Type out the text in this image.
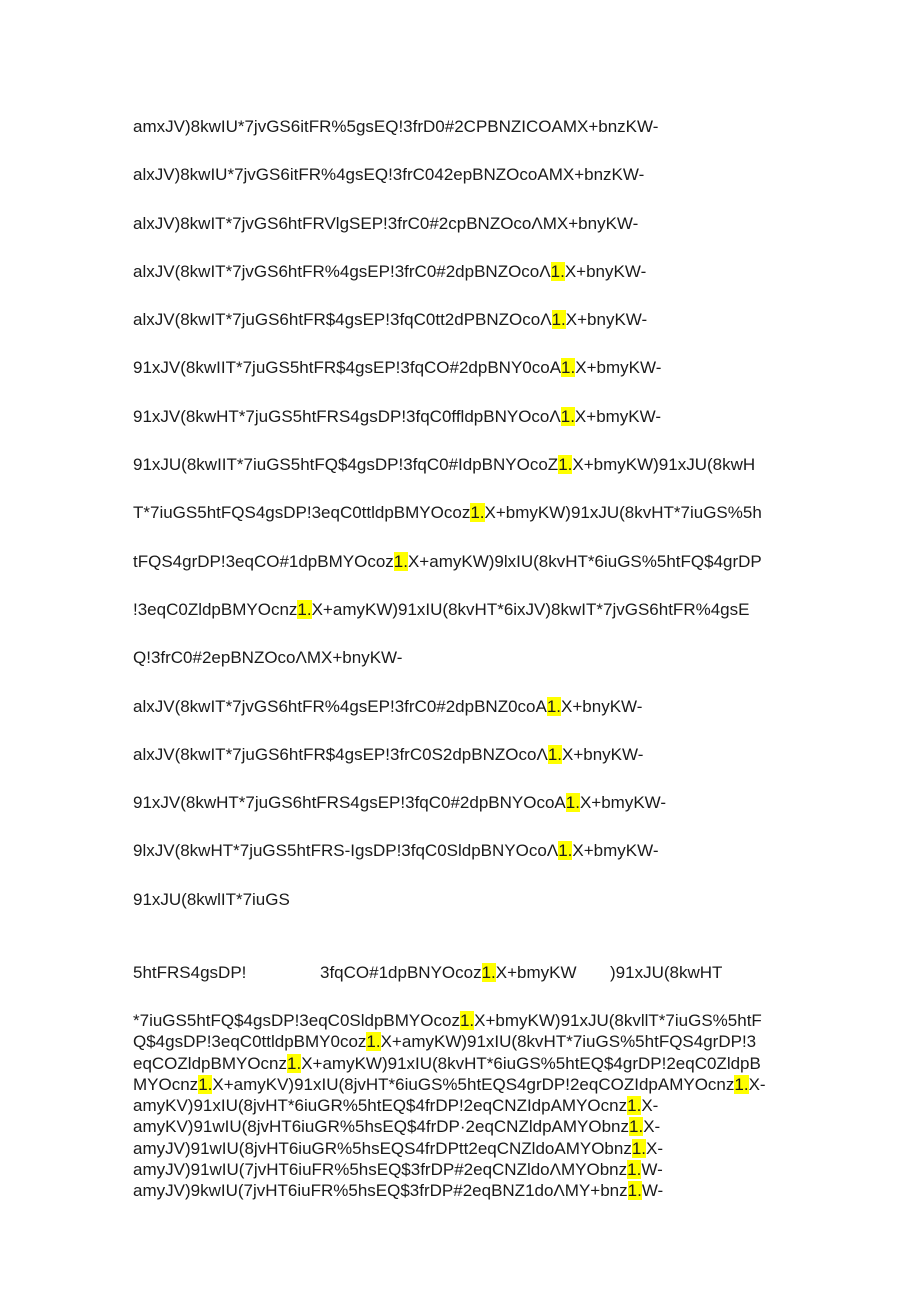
amxJV)8kwIU*7jvGS6itFR%5gsEQ!3frD0#2CPBNZICOAMX+bnzKW-
alxJV)8kwIU*7jvGS6itFR%4gsEQ!3frC042epBNZOcoAMX+bnzKW-
alxJV)8kwIT*7jvGS6htFRVlgSEP!3frC0#2cpBNZOcoΛMX+bnyKW-
alxJV(8kwIT*7jvGS6htFR%4gsEP!3frC0#2dpBNZOcoΛ1.X+bnyKW-
alxJV(8kwIT*7juGS6htFR$4gsEP!3fqC0tt2dPBNZOcoΛ1.X+bnyKW-
91xJV(8kwIIT*7juGS5htFR$4gsEP!3fqCO#2dpBNY0coA1.X+bmyKW-
91xJV(8kwHT*7juGS5htFRS4gsDP!3fqC0ffldpBNYOcoΛ1.X+bmyKW-
91xJU(8kwIIT*7iuGS5htFQ$4gsDP!3fqC0#IdpBNYOcoZ1.X+bmyKW)91xJU(8kwH
T*7iuGS5htFQS4gsDP!3eqC0ttldpBMYOcoz1.X+bmyKW)91xJU(8kvHT*7iuGS%5h
tFQS4grDP!3eqCO#1dpBMYOcoz1.X+amyKW)9lxIU(8kvHT*6iuGS%5htFQ$4grDP
!3eqC0ZldpBMYOcnz1.X+amyKW)91xIU(8kvHT*6ixJV)8kwIT*7jvGS6htFR%4gsE
Q!3frC0#2epBNZOcoΛMX+bnyKW-
alxJV(8kwIT*7jvGS6htFR%4gsEP!3frC0#2dpBNZ0coA1.X+bnyKW-
alxJV(8kwIT*7juGS6htFR$4gsEP!3frC0S2dpBNZOcoΛ1.X+bnyKW-
91xJV(8kwHT*7juGS6htFRS4gsEP!3fqC0#2dpBNYOcoA1.X+bmyKW-
9lxJV(8kwHT*7juGS5htFRS-IgsDP!3fqC0SldpBNYOcoΛ1.X+bmyKW-
91xJU(8kwlIT*7iuGS
5htFRS4gsDP!	3fqCO#1dpBNYOcoz1.X+bmyKW )91xJU(8kwHT
*7iuGS5htFQ$4gsDP!3eqC0SldpBMYOcoz1.X+bmyKW)91xJU(8kvllT*7iuGS%5htF
Q$4gsDP!3eqC0ttldpBMY0coz1.X+amyKW)91xIU(8kvHT*7iuGS%5htFQS4grDP!3
eqCOZldpBMYOcnz1.X+amyKW)91xIU(8kvHT*6iuGS%5htEQ$4grDP!2eqC0ZldpB
MYOcnz1.X+amyKV)91xIU(8jvHT*6iuGS%5htEQS4grDP!2eqCOZIdpAMYOcnz1.X-
amyKV)91xIU(8jvHT*6iuGR%5htEQ$4frDP!2eqCNZIdpAMYOcnz1.X-
amyKV)91wIU(8jvHT6iuGR%5hsEQ$4frDP·2eqCNZldpAMYObnz1.X-
amyJV)91wIU(8jvHT6iuGR%5hsEQS4frDPtt2eqCNZldoAMYObnz1.X-
amyJV)91wIU(7jvHT6iuFR%5hsEQ$3frDP#2eqCNZldoΛMYObnz1.W-
amyJV)9kwIU(7jvHT6iuFR%5hsEQ$3frDP#2eqBNZ1doΛMY+bnz1.W-
